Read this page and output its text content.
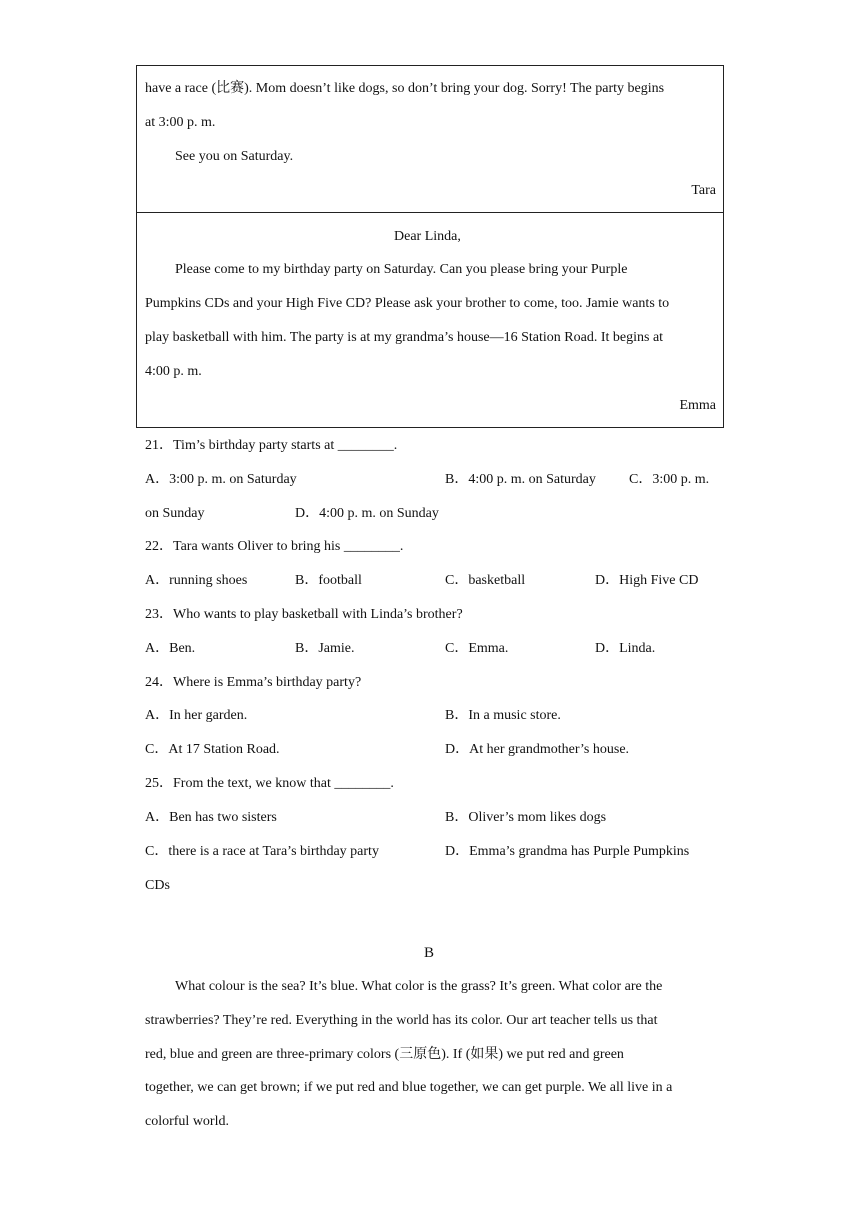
have a race (比赛). Mom doesn’t like dogs, so don’t bring your dog. Sorry! The party begins
at 3:00 p. m.
See you on Saturday.
Tara
Dear Linda,
Please come to my birthday party on Saturday. Can you please bring your Purple
Pumpkins CDs and your High Five CD? Please ask your brother to come, too. Jamie wants to
play basketball with him. The party is at my grandma’s house—16 Station Road. It begins at
4:00 p. m.
Emma
21．Tim’s birthday party starts at ________.
A．3:00 p. m. on Saturday	B．4:00 p. m. on Saturday C．3:00 p. m.
on Sunday	D．4:00 p. m. on Sunday
22．Tara wants Oliver to bring his ________.
A．running shoes	B．football	C．basketball	D．High Five CD
23．Who wants to play basketball with Linda’s brother?
A．Ben.	B．Jamie.	C．Emma.	D．Linda.
24．Where is Emma’s birthday party?
A．In her garden.	B．In a music store.
C．At 17 Station Road.	D．At her grandmother’s house.
25．From the text, we know that ________.
A．Ben has two sisters	B．Oliver’s mom likes dogs
C．there is a race at Tara’s birthday party	D．Emma’s grandma has Purple Pumpkins
CDs
B
What colour is the sea? It’s blue. What color is the grass? It’s green. What color are the
strawberries? They’re red. Everything in the world has its color. Our art teacher tells us that
red, blue and green are three-primary colors (三原色). If (如果) we put red and green
together, we can get brown; if we put red and blue together, we can get purple. We all live in a
colorful world.
